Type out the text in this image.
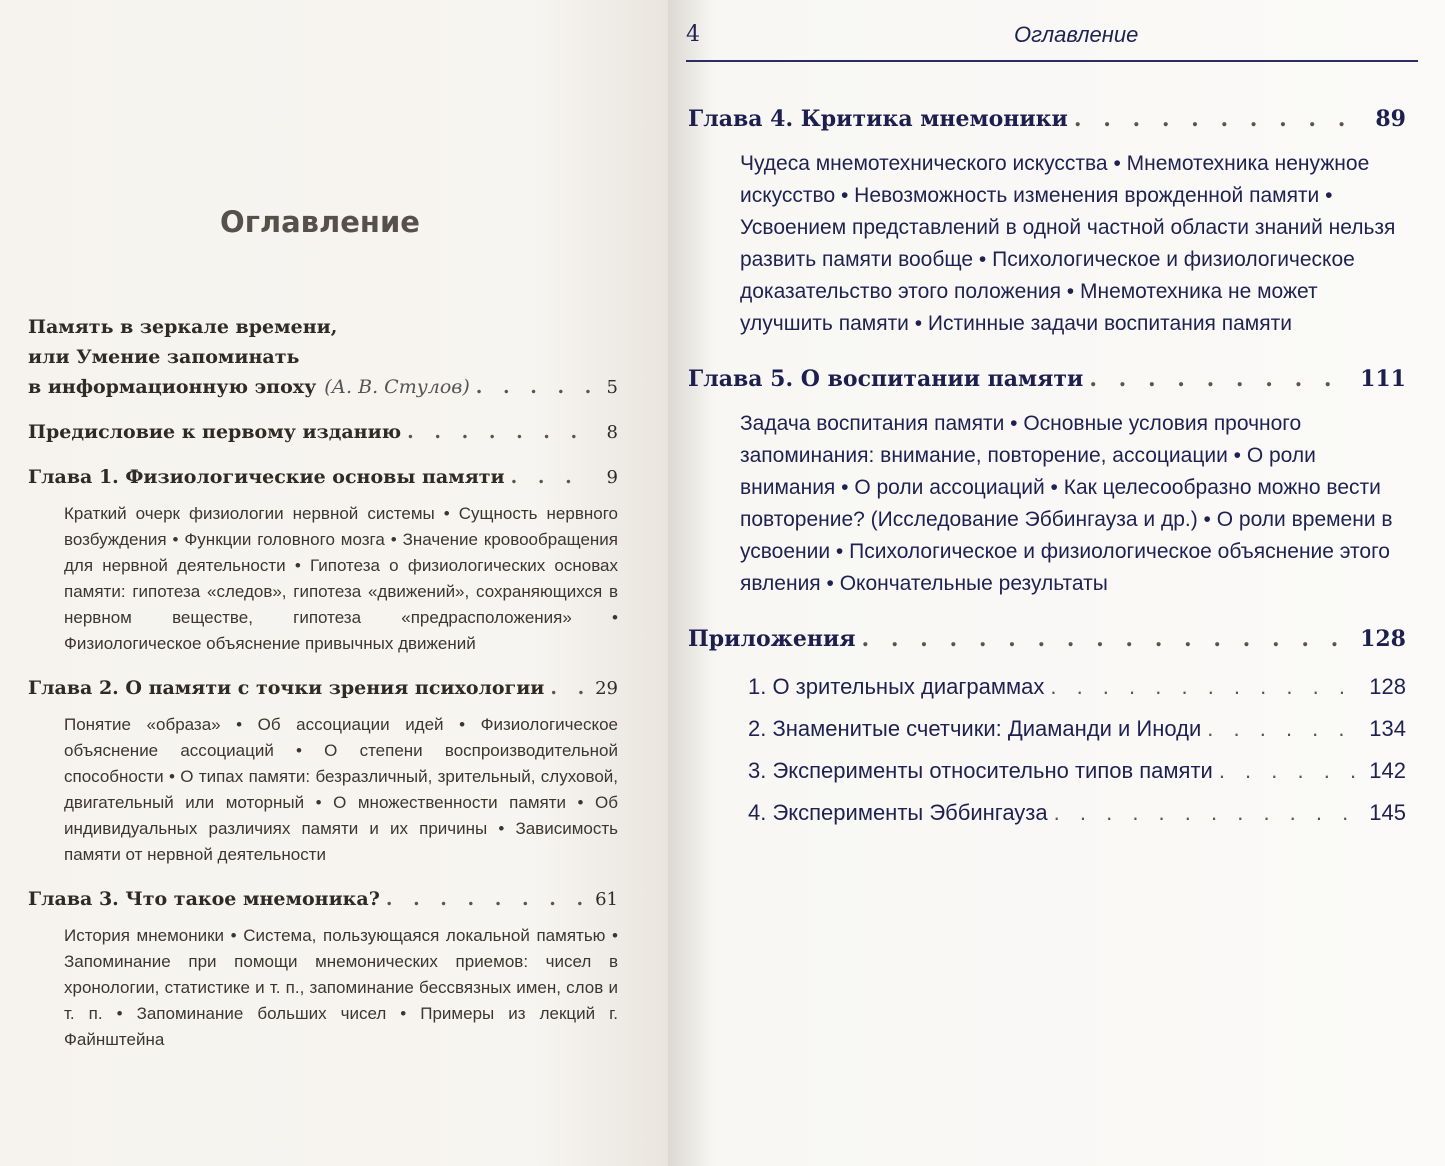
Оглавление
Память в зеркале времени,
или Умение запоминать
в информационную эпоху (А. В. Стулов) . . .	5
Предисловие к первому изданию . . .	8
Глава 1. Физиологические основы памяти . . .	9
Краткий очерк физиологии нервной системы • Сущность нервного возбуждения • Функции головного мозга • Значение кровообращения для нервной деятельности • Гипотеза о физиологических основах памяти: гипотеза «следов», гипотеза «движений», сохраняющихся в нервном веществе, гипотеза «предрасположения» • Физиологическое объяснение привычных движений
Глава 2. О памяти с точки зрения психологии . . .	29
Понятие «образа» • Об ассоциации идей • Физиологическое объяснение ассоциаций • О степени воспроизводительной способности • О типах памяти: безразличный, зрительный, слуховой, двигательный или моторный • О множественности памяти • Об индивидуальных различиях памяти и их причины • Зависимость памяти от нервной деятельности
Глава 3. Что такое мнемоника? . . .	61
История мнемоники • Система, пользующаяся локальной памятью • Запоминание при помощи мнемонических приемов: чисел в хронологии, статистике и т. п., запоминание бессвязных имен, слов и т. п. • Запоминание больших чисел • Примеры из лекций г. Файнштейна
4	Оглавление
Глава 4. Критика мнемоники . . .	89
Чудеса мнемотехнического искусства • Мнемотехника ненужное искусство • Невозможность изменения врожденной памяти • Усвоением представлений в одной частной области знаний нельзя развить памяти вообще • Психологическое и физиологическое доказательство этого положения • Мнемотехника не может улучшить памяти • Истинные задачи воспитания памяти
Глава 5. О воспитании памяти . . .	111
Задача воспитания памяти • Основные условия прочного запоминания: внимание, повторение, ассоциации • О роли внимания • О роли ассоциаций • Как целесообразно можно вести повторение? (Исследование Эббингауза и др.) • О роли времени в усвоении • Психологическое и физиологическое объяснение этого явления • Окончательные результаты
Приложения . . .	128
1. О зрительных диаграммах . . .	128
2. Знаменитые счетчики: Диаманди и Иноди . . .	134
3. Эксперименты относительно типов памяти . . .	142
4. Эксперименты Эббингауза . . .	145
